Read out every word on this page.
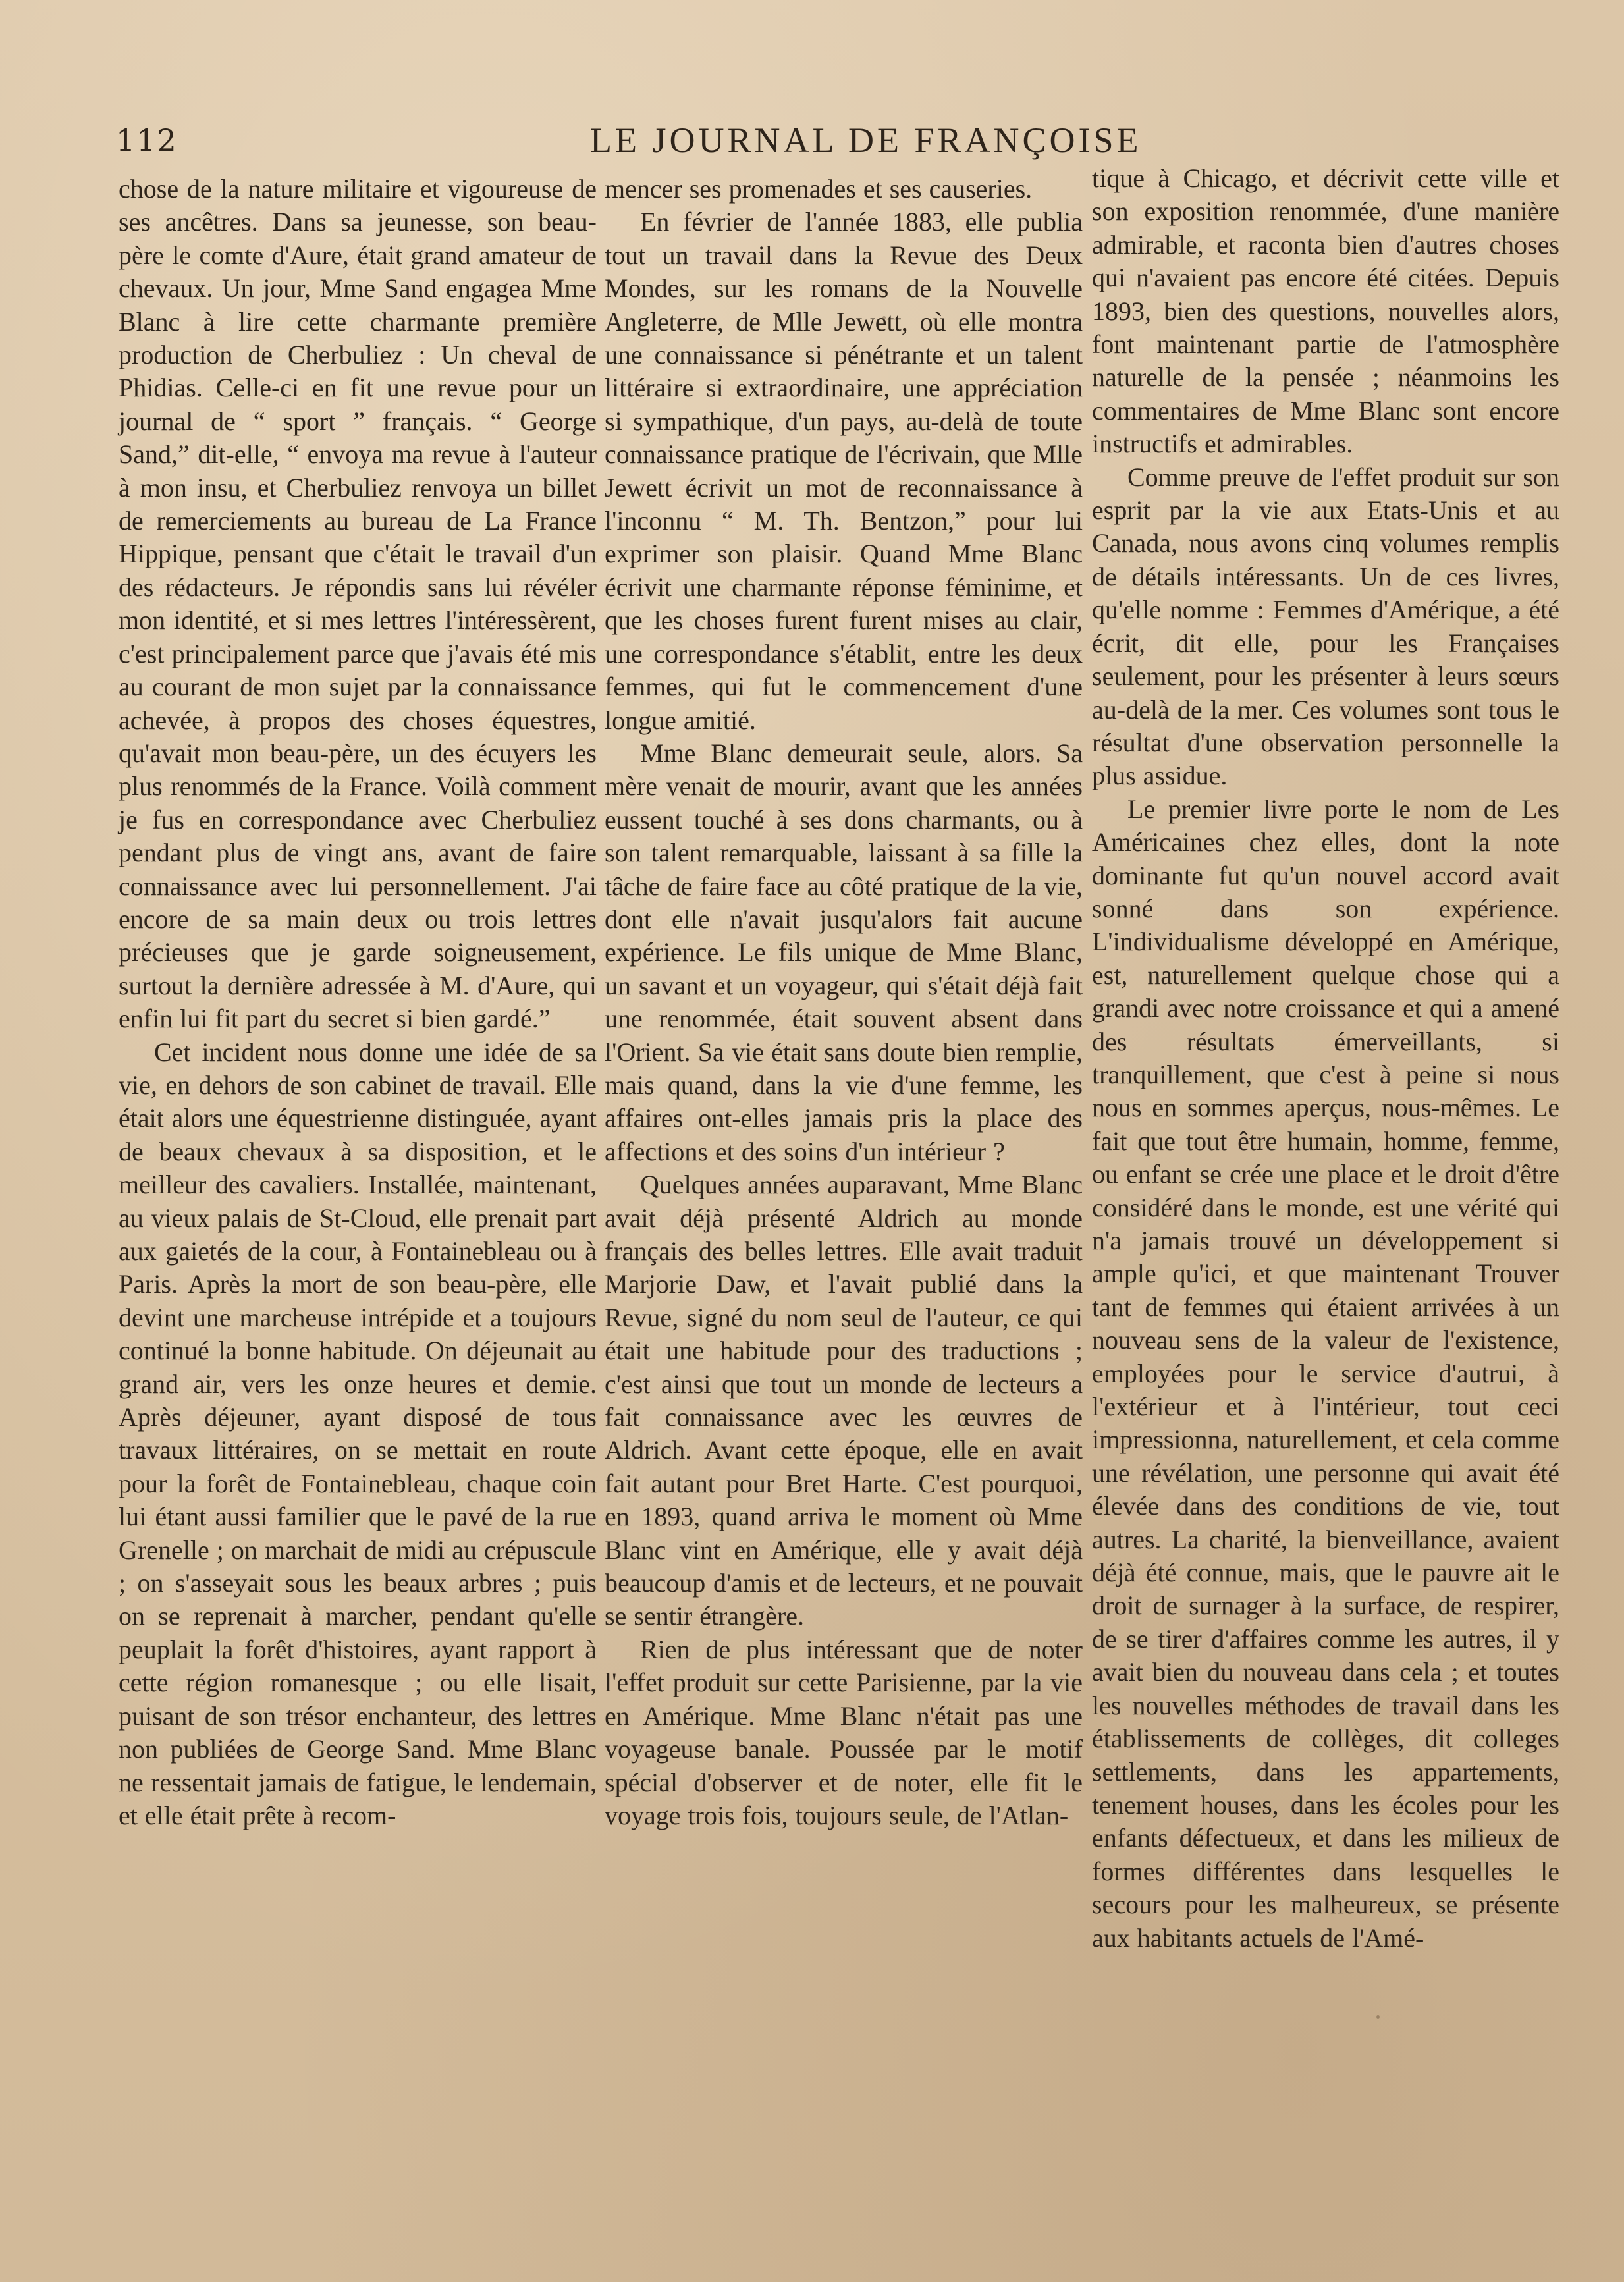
112	LE JOURNAL DE FRANÇOISE

chose de la nature militaire et vigoureuse de ses ancêtres. Dans sa jeunesse, son beau-père le comte d'Aure, était grand amateur de chevaux. Un jour, Mme Sand engagea Mme Blanc à lire cette charmante première production de Cherbuliez : Un cheval de Phidias. Celle-ci en fit une revue pour un journal de “ sport ” français. “ George Sand,” dit-elle, “ envoya ma revue à l'auteur à mon insu, et Cherbuliez renvoya un billet de remerciements au bureau de La France Hippique, pensant que c'était le travail d'un des rédacteurs. Je répondis sans lui révéler mon identité, et si mes lettres l'intéressèrent, c'est principalement parce que j'avais été mis au courant de mon sujet par la connaissance achevée, à propos des choses équestres, qu'avait mon beau-père, un des écuyers les plus renommés de la France. Voilà comment je fus en correspondance avec Cherbuliez pendant plus de vingt ans, avant de faire connaissance avec lui personnellement. J'ai encore de sa main deux ou trois lettres précieuses que je garde soigneusement, surtout la dernière adressée à M. d'Aure, qui enfin lui fit part du secret si bien gardé.”

Cet incident nous donne une idée de sa vie, en dehors de son cabinet de travail. Elle était alors une équestrienne distinguée, ayant de beaux chevaux à sa disposition, et le meilleur des cavaliers. Installée, maintenant, au vieux palais de St-Cloud, elle prenait part aux gaietés de la cour, à Fontainebleau ou à Paris. Après la mort de son beau-père, elle devint une marcheuse intrépide et a toujours continué la bonne habitude. On déjeunait au grand air, vers les onze heures et demie. Après déjeuner, ayant disposé de tous travaux littéraires, on se mettait en route pour la forêt de Fontainebleau, chaque coin lui étant aussi familier que le pavé de la rue Grenelle ; on marchait de midi au crépuscule ; on s'asseyait sous les beaux arbres ; puis on se reprenait à marcher, pendant qu'elle peuplait la forêt d'histoires, ayant rapport à cette région romanesque ; ou elle lisait, puisant de son trésor enchanteur, des lettres non publiées de George Sand. Mme Blanc ne ressentait jamais de fatigue, le lendemain, et elle était prête à recom-

mencer ses promenades et ses causeries.

En février de l'année 1883, elle publia tout un travail dans la Revue des Deux Mondes, sur les romans de la Nouvelle Angleterre, de Mlle Jewett, où elle montra une connaissance si pénétrante et un talent littéraire si extraordinaire, une appréciation si sympathique, d'un pays, au-delà de toute connaissance pratique de l'écrivain, que Mlle Jewett écrivit un mot de reconnaissance à l'inconnu “ M. Th. Bentzon,” pour lui exprimer son plaisir. Quand Mme Blanc écrivit une charmante réponse féminime, et que les choses furent furent mises au clair, une correspondance s'établit, entre les deux femmes, qui fut le commencement d'une longue amitié.

Mme Blanc demeurait seule, alors. Sa mère venait de mourir, avant que les années eussent touché à ses dons charmants, ou à son talent remarquable, laissant à sa fille la tâche de faire face au côté pratique de la vie, dont elle n'avait jusqu'alors fait aucune expérience. Le fils unique de Mme Blanc, un savant et un voyageur, qui s'était déjà fait une renommée, était souvent absent dans l'Orient. Sa vie était sans doute bien remplie, mais quand, dans la vie d'une femme, les affaires ont-elles jamais pris la place des affections et des soins d'un intérieur ?

Quelques années auparavant, Mme Blanc avait déjà présenté Aldrich au monde français des belles lettres. Elle avait traduit Marjorie Daw, et l'avait publié dans la Revue, signé du nom seul de l'auteur, ce qui était une habitude pour des traductions ; c'est ainsi que tout un monde de lecteurs a fait connaissance avec les œuvres de Aldrich. Avant cette époque, elle en avait fait autant pour Bret Harte. C'est pourquoi, en 1893, quand arriva le moment où Mme Blanc vint en Amérique, elle y avait déjà beaucoup d'amis et de lecteurs, et ne pouvait se sentir étrangère.

Rien de plus intéressant que de noter l'effet produit sur cette Parisienne, par la vie en Amérique. Mme Blanc n'était pas une voyageuse banale. Poussée par le motif spécial d'observer et de noter, elle fit le voyage trois fois, toujours seule, de l'Atlan-

tique à Chicago, et décrivit cette ville et son exposition renommée, d'une manière admirable, et raconta bien d'autres choses qui n'avaient pas encore été citées. Depuis 1893, bien des questions, nouvelles alors, font maintenant partie de l'atmosphère naturelle de la pensée ; néanmoins les commentaires de Mme Blanc sont encore instructifs et admirables.

Comme preuve de l'effet produit sur son esprit par la vie aux Etats-Unis et au Canada, nous avons cinq volumes remplis de détails intéressants. Un de ces livres, qu'elle nomme : Femmes d'Amérique, a été écrit, dit elle, pour les Françaises seulement, pour les présenter à leurs sœurs au-delà de la mer. Ces volumes sont tous le résultat d'une observation personnelle la plus assidue.

Le premier livre porte le nom de Les Américaines chez elles, dont la note dominante fut qu'un nouvel accord avait sonné dans son expérience. L'individualisme développé en Amérique, est, naturellement quelque chose qui a grandi avec notre croissance et qui a amené des résultats émerveillants, si tranquillement, que c'est à peine si nous nous en sommes aperçus, nous-mêmes. Le fait que tout être humain, homme, femme, ou enfant se crée une place et le droit d'être considéré dans le monde, est une vérité qui n'a jamais trouvé un développement si ample qu'ici, et que maintenant Trouver tant de femmes qui étaient arrivées à un nouveau sens de la valeur de l'existence, employées pour le service d'autrui, à l'extérieur et à l'intérieur, tout ceci impressionna, naturellement, et cela comme une révélation, une personne qui avait été élevée dans des conditions de vie, tout autres. La charité, la bienveillance, avaient déjà été connue, mais, que le pauvre ait le droit de surnager à la surface, de respirer, de se tirer d'affaires comme les autres, il y avait bien du nouveau dans cela ; et toutes les nouvelles méthodes de travail dans les établissements de collèges, dit colleges settlements, dans les appartements, tenement houses, dans les écoles pour les enfants défectueux, et dans les milieux de formes différentes dans lesquelles le secours pour les malheureux, se présente aux habitants actuels de l'Amé-
